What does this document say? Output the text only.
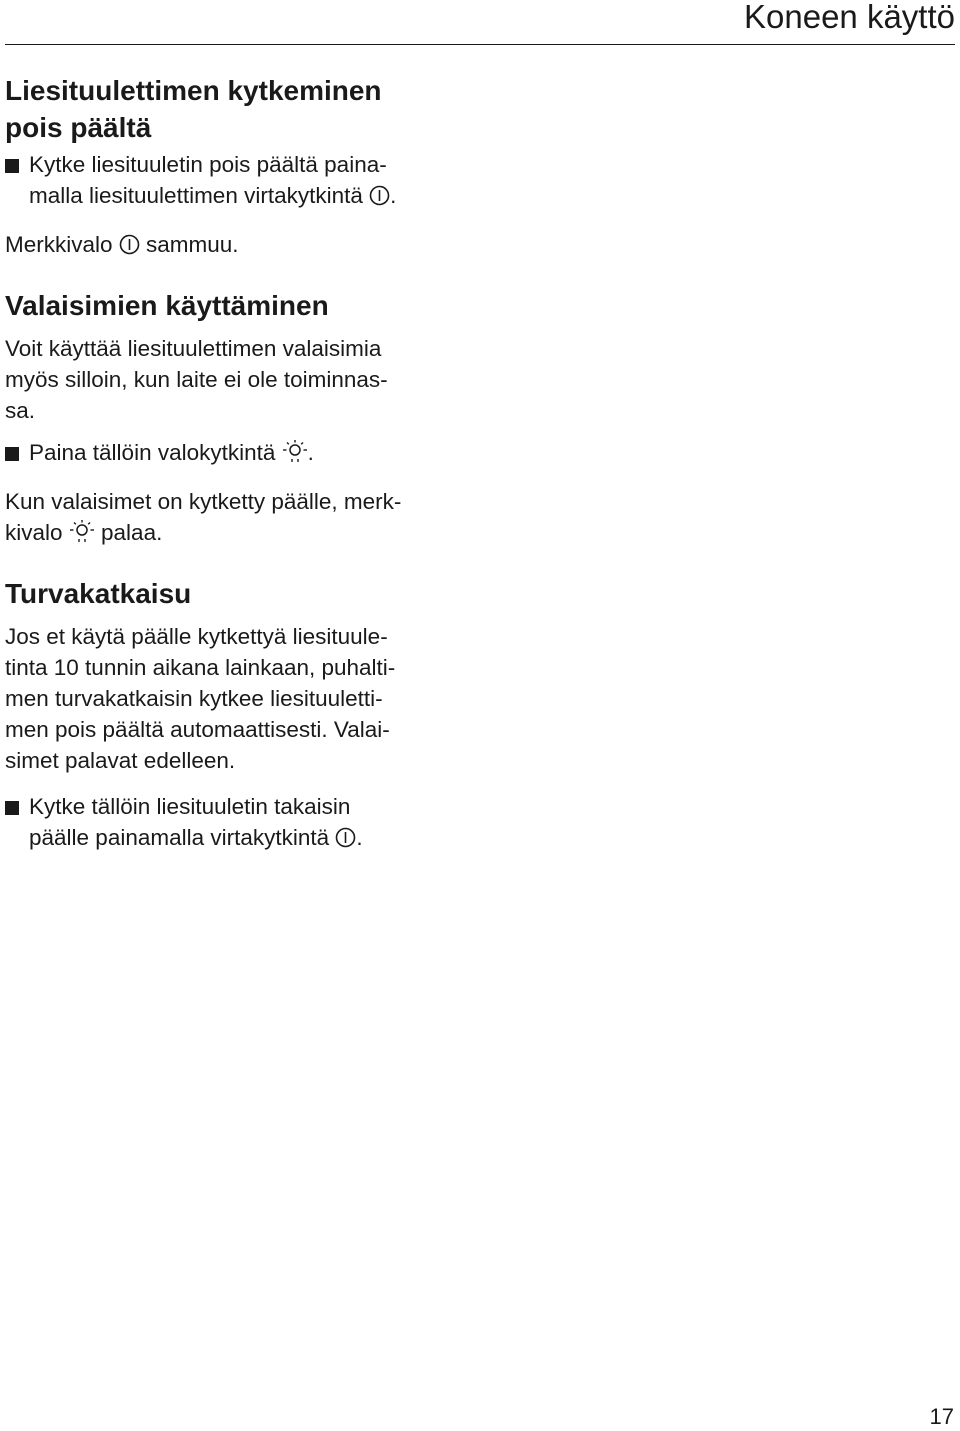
Koneen käyttö
Liesituulettimen kytkeminen
pois päältä
Kytke liesituuletin pois päältä paina-
malla liesituulettimen virtakytkintä .

Merkkivalo  sammuu.

Valaisimien käyttäminen

Voit käyttää liesituulettimen valaisimia
myös silloin, kun laite ei ole toiminnas-
sa.

Paina tällöin valokytkintä .

Kun valaisimet on kytketty päälle, merk-
kivalo  palaa.

Turvakatkaisu

Jos et käytä päälle kytkettyä liesituule-
tinta 10 tunnin aikana lainkaan, puhalti-
men turvakatkaisin kytkee liesituuletti-
men pois päältä automaattisesti. Valai-
simet palavat edelleen.

Kytke tällöin liesituuletin takaisin
päälle painamalla virtakytkintä .
17
